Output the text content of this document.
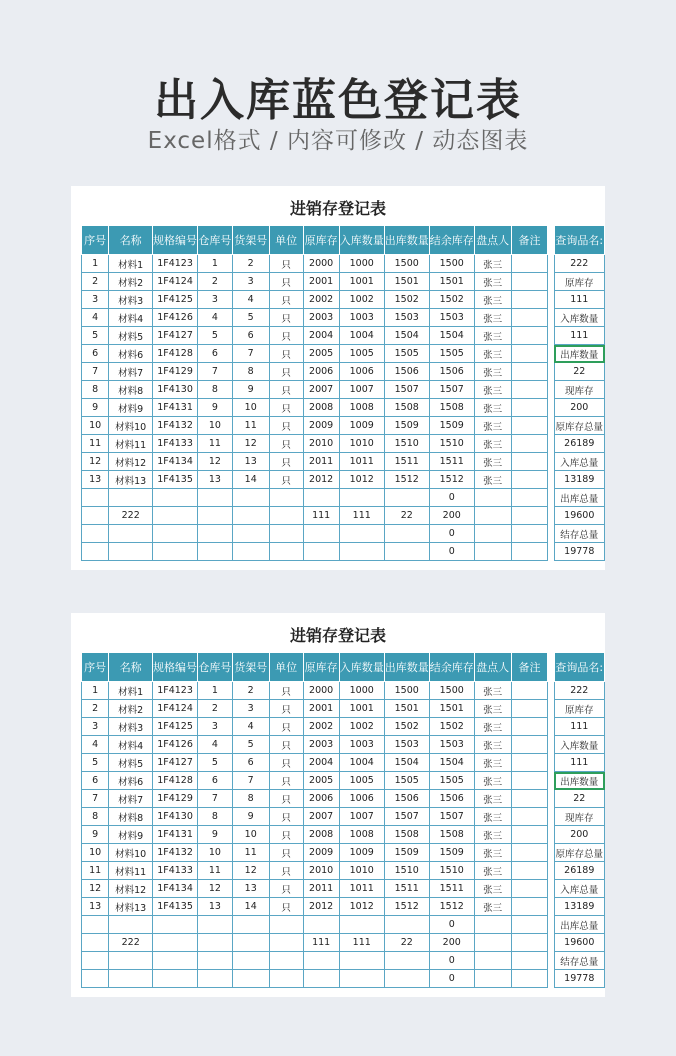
出入库蓝色登记表
Excel格式 / 内容可修改 / 动态图表
进销存登记表
序号	名称	规格编号	仓库号	货架号	单位	原库存	入库数量	出库数量	结余库存	盘点人	备注		查询品名:
1	材料1	1F4123	1	2	只	2000	1000	1500	1500	张三			222
2	材料2	1F4124	2	3	只	2001	1001	1501	1501	张三			原库存
3	材料3	1F4125	3	4	只	2002	1002	1502	1502	张三			111
4	材料4	1F4126	4	5	只	2003	1003	1503	1503	张三			入库数量
5	材料5	1F4127	5	6	只	2004	1004	1504	1504	张三			111
6	材料6	1F4128	6	7	只	2005	1005	1505	1505	张三			出库数量
7	材料7	1F4129	7	8	只	2006	1006	1506	1506	张三			22
8	材料8	1F4130	8	9	只	2007	1007	1507	1507	张三			现库存
9	材料9	1F4131	9	10	只	2008	1008	1508	1508	张三			200
10	材料10	1F4132	10	11	只	2009	1009	1509	1509	张三			原库存总量
11	材料11	1F4133	11	12	只	2010	1010	1510	1510	张三			26189
12	材料12	1F4134	12	13	只	2011	1011	1511	1511	张三			入库总量
13	材料13	1F4135	13	14	只	2012	1012	1512	1512	张三			13189
									0				出库总量
	222					111	111	22	200				19600
									0				结存总量
									0				19778
进销存登记表
序号	名称	规格编号	仓库号	货架号	单位	原库存	入库数量	出库数量	结余库存	盘点人	备注		查询品名:
1	材料1	1F4123	1	2	只	2000	1000	1500	1500	张三			222
2	材料2	1F4124	2	3	只	2001	1001	1501	1501	张三			原库存
3	材料3	1F4125	3	4	只	2002	1002	1502	1502	张三			111
4	材料4	1F4126	4	5	只	2003	1003	1503	1503	张三			入库数量
5	材料5	1F4127	5	6	只	2004	1004	1504	1504	张三			111
6	材料6	1F4128	6	7	只	2005	1005	1505	1505	张三			出库数量
7	材料7	1F4129	7	8	只	2006	1006	1506	1506	张三			22
8	材料8	1F4130	8	9	只	2007	1007	1507	1507	张三			现库存
9	材料9	1F4131	9	10	只	2008	1008	1508	1508	张三			200
10	材料10	1F4132	10	11	只	2009	1009	1509	1509	张三			原库存总量
11	材料11	1F4133	11	12	只	2010	1010	1510	1510	张三			26189
12	材料12	1F4134	12	13	只	2011	1011	1511	1511	张三			入库总量
13	材料13	1F4135	13	14	只	2012	1012	1512	1512	张三			13189
									0				出库总量
	222					111	111	22	200				19600
									0				结存总量
									0				19778
